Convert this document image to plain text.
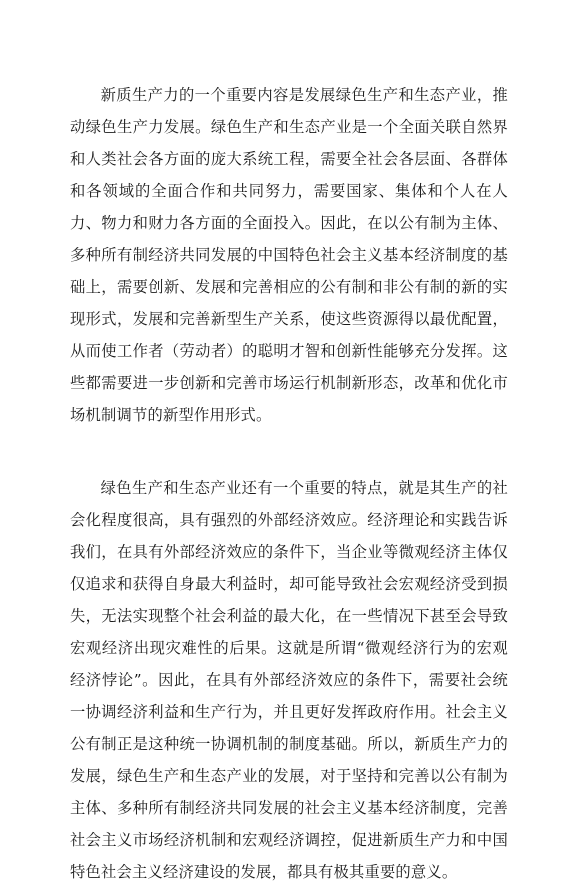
新质生产力的一个重要内容是发展绿色生产和生态产业，推动绿色生产力发展。绿色生产和生态产业是一个全面关联自然界和人类社会各方面的庞大系统工程，需要全社会各层面、各群体和各领域的全面合作和共同努力，需要国家、集体和个人在人力、物力和财力各方面的全面投入。因此，在以公有制为主体、多种所有制经济共同发展的中国特色社会主义基本经济制度的基础上，需要创新、发展和完善相应的公有制和非公有制的新的实现形式，发展和完善新型生产关系，使这些资源得以最优配置，从而使工作者（劳动者）的聪明才智和创新性能够充分发挥。这些都需要进一步创新和完善市场运行机制新形态，改革和优化市场机制调节的新型作用形式。

绿色生产和生态产业还有一个重要的特点，就是其生产的社会化程度很高，具有强烈的外部经济效应。经济理论和实践告诉我们，在具有外部经济效应的条件下，当企业等微观经济主体仅仅追求和获得自身最大利益时，却可能导致社会宏观经济受到损失，无法实现整个社会利益的最大化，在一些情况下甚至会导致宏观经济出现灾难性的后果。这就是所谓“微观经济行为的宏观经济悖论”。因此，在具有外部经济效应的条件下，需要社会统一协调经济利益和生产行为，并且更好发挥政府作用。社会主义公有制正是这种统一协调机制的制度基础。所以，新质生产力的发展，绿色生产和生态产业的发展，对于坚持和完善以公有制为主体、多种所有制经济共同发展的社会主义基本经济制度，完善社会主义市场经济机制和宏观经济调控，促进新质生产力和中国特色社会主义经济建设的发展，都具有极其重要的意义。
